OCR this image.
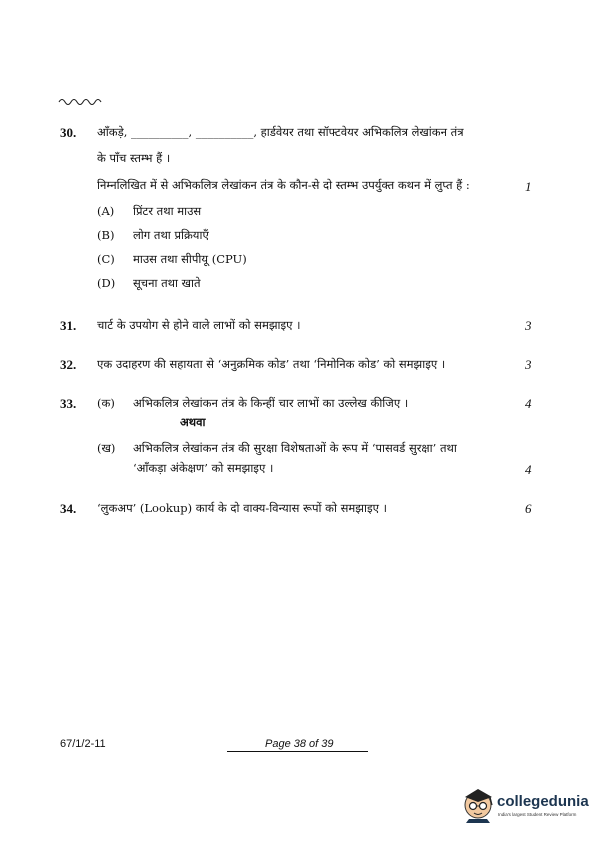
30. आँकड़े, __________, __________, हार्डवेयर तथा सॉफ्टवेयर अभिकलित्र लेखांकन तंत्र
के पाँच स्तम्भ हैं ।
निम्नलिखित में से अभिकलित्र लेखांकन तंत्र के कौन-से दो स्तम्भ उपर्युक्त कथन में लुप्त हैं :	1
(A) प्रिंटर तथा माउस
(B) लोग तथा प्रक्रियाएँ
(C) माउस तथा सीपीयू (CPU)
(D) सूचना तथा खाते
31. चार्ट के उपयोग से होने वाले लाभों को समझाइए ।	3
32. एक उदाहरण की सहायता से ‘अनुक्रमिक कोड’ तथा ‘निमोनिक कोड’ को समझाइए ।	3
33. (क) अभिकलित्र लेखांकन तंत्र के किन्हीं चार लाभों का उल्लेख कीजिए ।	4
अथवा
(ख) अभिकलित्र लेखांकन तंत्र की सुरक्षा विशेषताओं के रूप में ‘पासवर्ड सुरक्षा’ तथा
‘आँकड़ा अंकेक्षण’ को समझाइए ।	4
34. ‘लुकअप’ (Lookup) कार्य के दो वाक्य-विन्यास रूपों को समझाइए ।	6
67/1/2-11	Page 38 of 39
collegedunia
India's largest Student Review Platform
